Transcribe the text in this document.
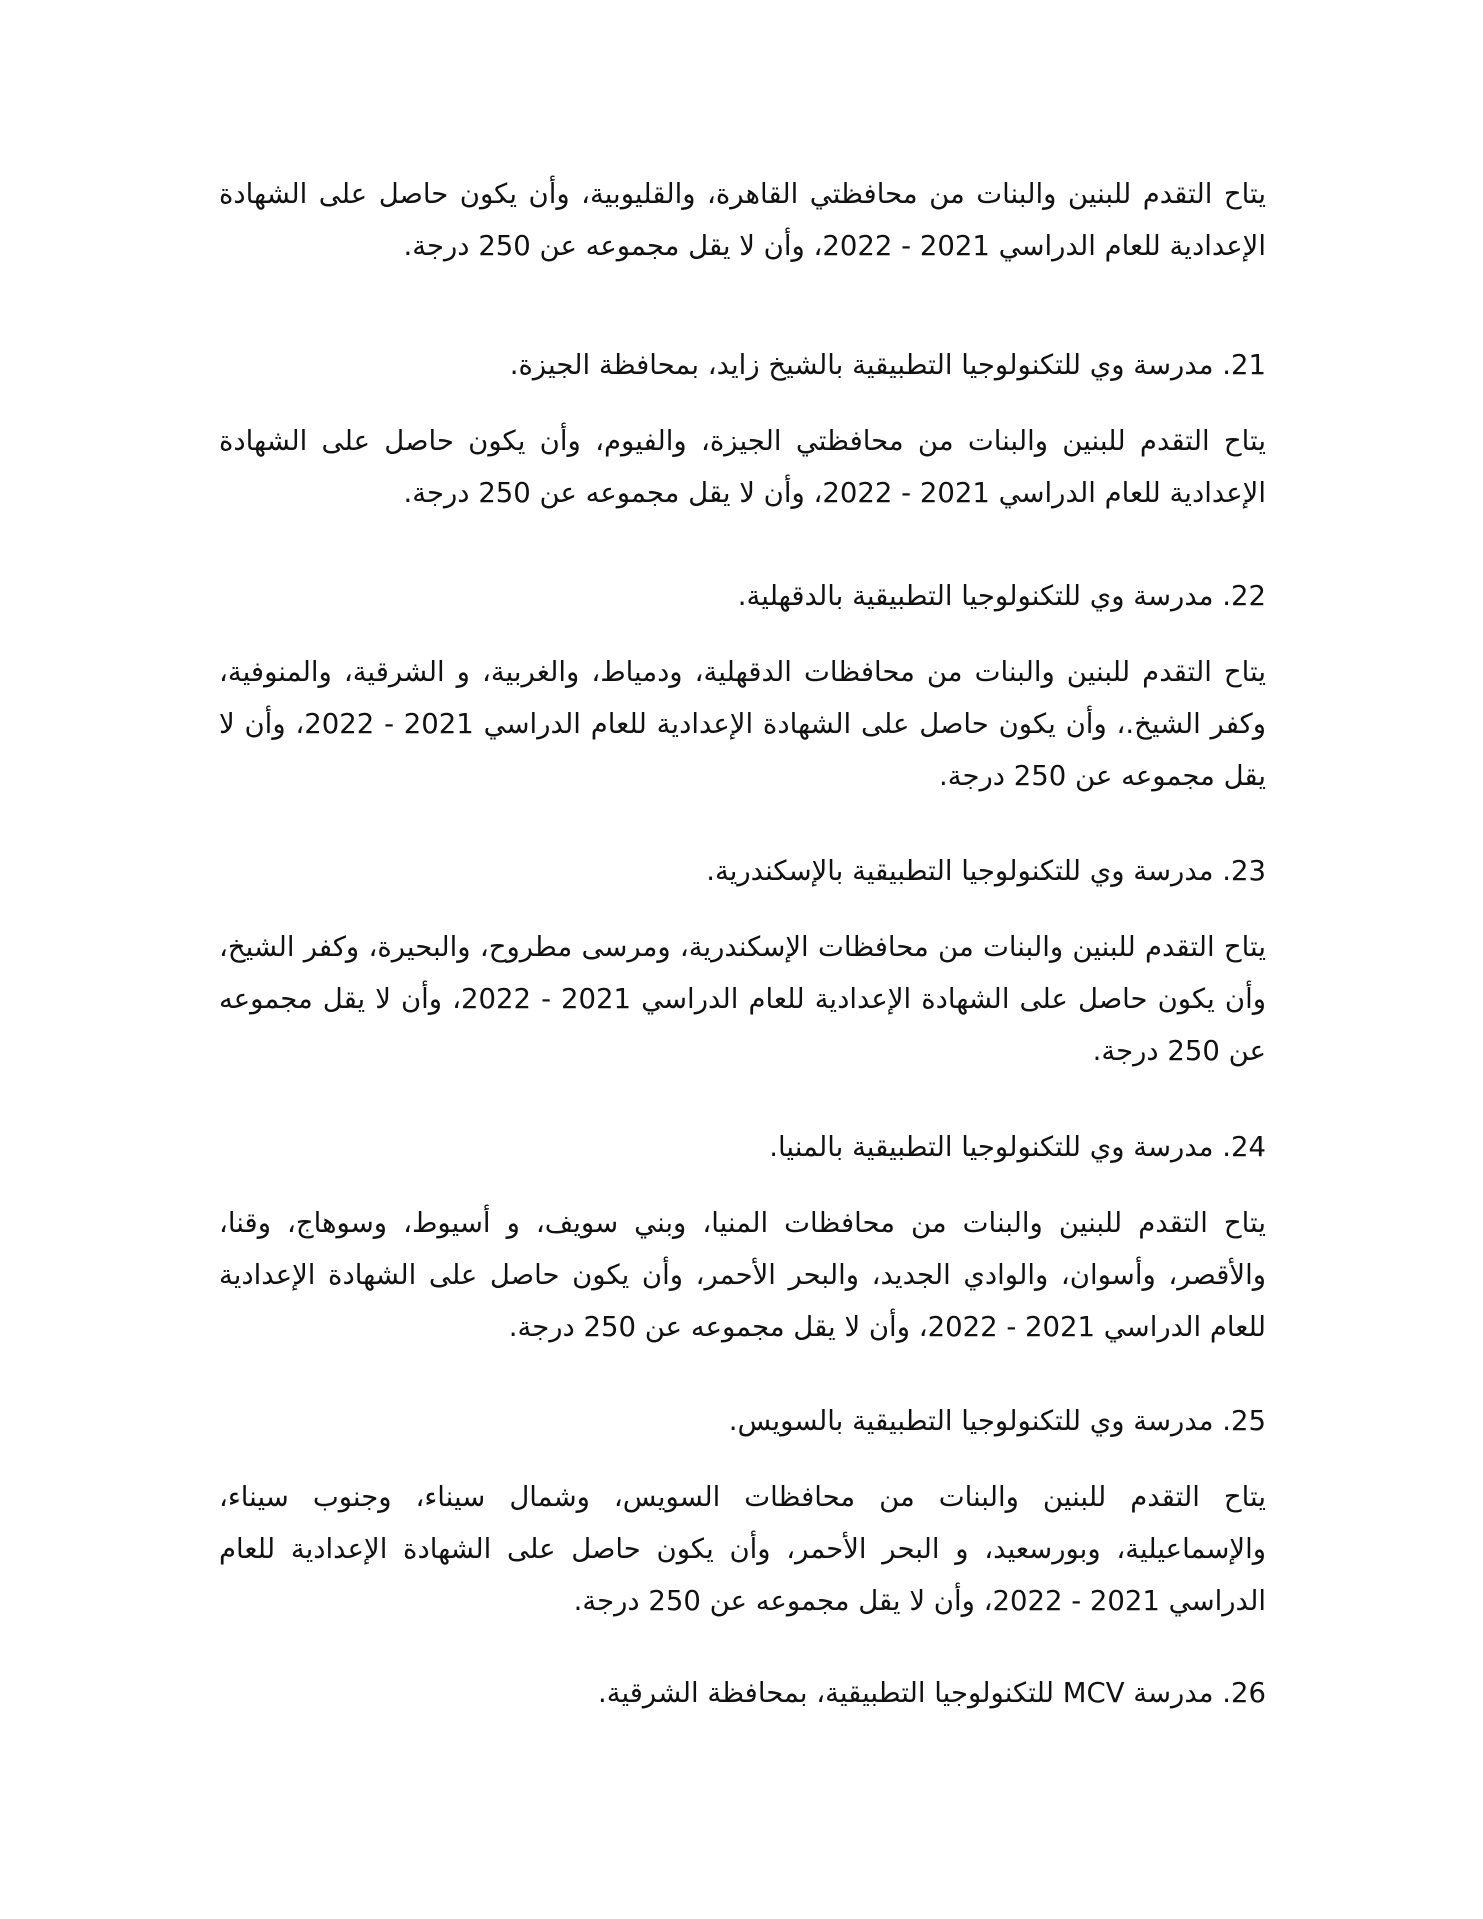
يتاح التقدم للبنين والبنات من محافظتي القاهرة، والقليوبية، وأن يكون حاصل على الشهادة الإعدادية للعام الدراسي 2021 - 2022، وأن لا يقل مجموعه عن 250 درجة.

21. مدرسة وي للتكنولوجيا التطبيقية بالشيخ زايد، بمحافظة الجيزة.

يتاح التقدم للبنين والبنات من محافظتي الجيزة، والفيوم، وأن يكون حاصل على الشهادة الإعدادية للعام الدراسي 2021 - 2022، وأن لا يقل مجموعه عن 250 درجة.

22. مدرسة وي للتكنولوجيا التطبيقية بالدقهلية.

يتاح التقدم للبنين والبنات من محافظات الدقهلية، ودمياط، والغربية، و الشرقية، والمنوفية، وكفر الشيخ.، وأن يكون حاصل على الشهادة الإعدادية للعام الدراسي 2021 - 2022، وأن لا يقل مجموعه عن 250 درجة.

23. مدرسة وي للتكنولوجيا التطبيقية بالإسكندرية.

يتاح التقدم للبنين والبنات من محافظات الإسكندرية، ومرسى مطروح، والبحيرة، وكفر الشيخ، وأن يكون حاصل على الشهادة الإعدادية للعام الدراسي 2021 - 2022، وأن لا يقل مجموعه عن 250 درجة.

24. مدرسة وي للتكنولوجيا التطبيقية بالمنيا.

يتاح التقدم للبنين والبنات من محافظات المنيا، وبني سويف، و أسيوط، وسوهاج، وقنا، والأقصر، وأسوان، والوادي الجديد، والبحر الأحمر، وأن يكون حاصل على الشهادة الإعدادية للعام الدراسي 2021 - 2022، وأن لا يقل مجموعه عن 250 درجة.

25. مدرسة وي للتكنولوجيا التطبيقية بالسويس.

يتاح التقدم للبنين والبنات من محافظات السويس، وشمال سيناء، وجنوب سيناء، والإسماعيلية، وبورسعيد، و البحر الأحمر، وأن يكون حاصل على الشهادة الإعدادية للعام الدراسي 2021 - 2022، وأن لا يقل مجموعه عن 250 درجة.

26. مدرسة MCV للتكنولوجيا التطبيقية، بمحافظة الشرقية.
